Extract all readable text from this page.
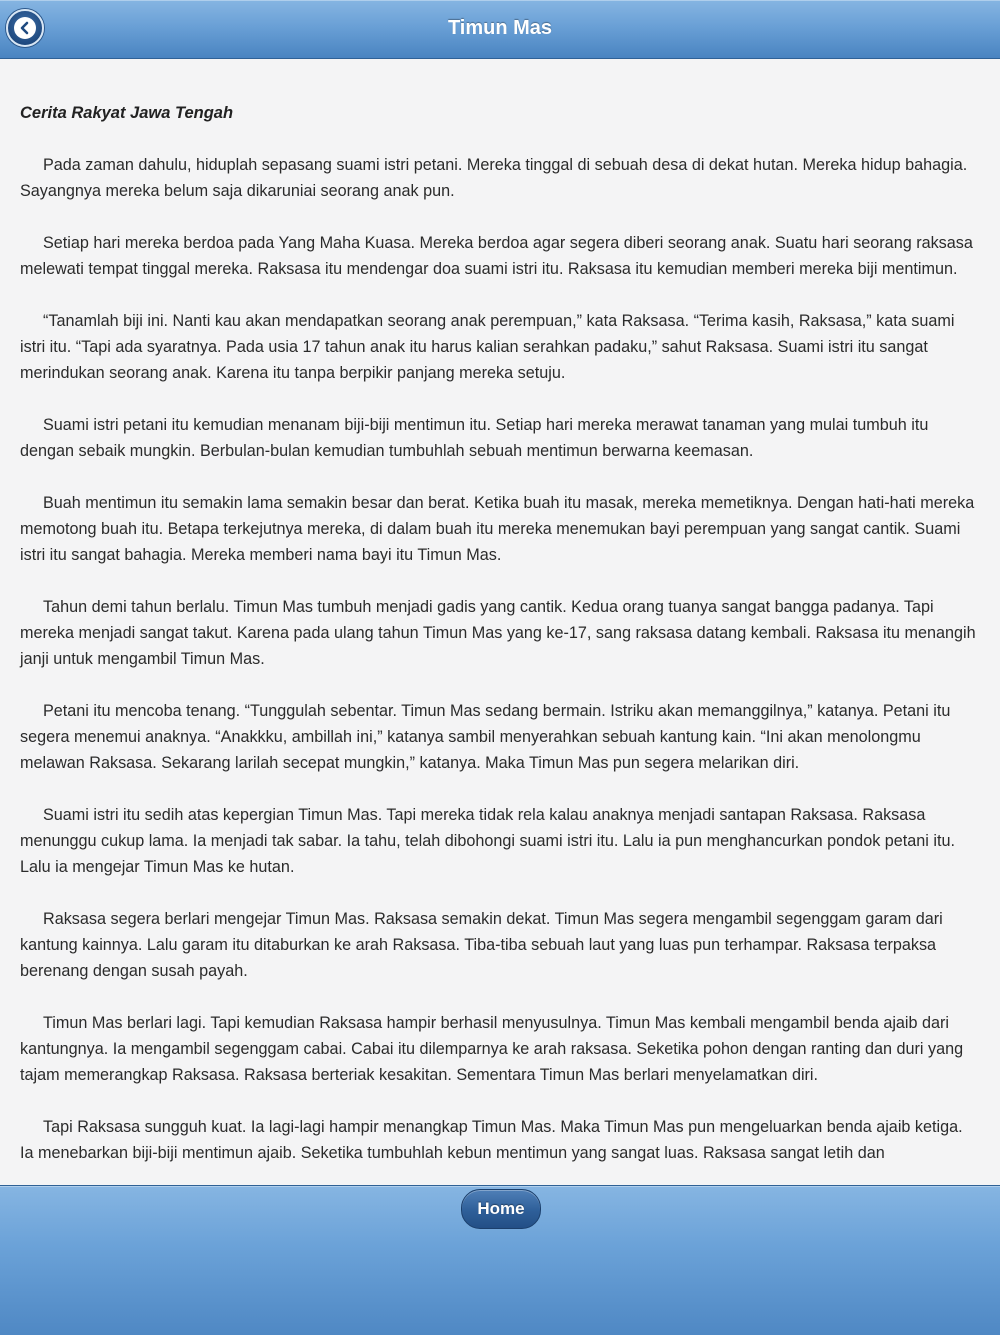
Timun Mas

Cerita Rakyat Jawa Tengah

Pada zaman dahulu, hiduplah sepasang suami istri petani. Mereka tinggal di sebuah desa di dekat hutan. Mereka hidup bahagia. Sayangnya mereka belum saja dikaruniai seorang anak pun.

Setiap hari mereka berdoa pada Yang Maha Kuasa. Mereka berdoa agar segera diberi seorang anak. Suatu hari seorang raksasa melewati tempat tinggal mereka. Raksasa itu mendengar doa suami istri itu. Raksasa itu kemudian memberi mereka biji mentimun.

“Tanamlah biji ini. Nanti kau akan mendapatkan seorang anak perempuan,” kata Raksasa. “Terima kasih, Raksasa,” kata suami istri itu. “Tapi ada syaratnya. Pada usia 17 tahun anak itu harus kalian serahkan padaku,” sahut Raksasa. Suami istri itu sangat merindukan seorang anak. Karena itu tanpa berpikir panjang mereka setuju.

Suami istri petani itu kemudian menanam biji-biji mentimun itu. Setiap hari mereka merawat tanaman yang mulai tumbuh itu dengan sebaik mungkin. Berbulan-bulan kemudian tumbuhlah sebuah mentimun berwarna keemasan.

Buah mentimun itu semakin lama semakin besar dan berat. Ketika buah itu masak, mereka memetiknya. Dengan hati-hati mereka memotong buah itu. Betapa terkejutnya mereka, di dalam buah itu mereka menemukan bayi perempuan yang sangat cantik. Suami istri itu sangat bahagia. Mereka memberi nama bayi itu Timun Mas.

Tahun demi tahun berlalu. Timun Mas tumbuh menjadi gadis yang cantik. Kedua orang tuanya sangat bangga padanya. Tapi mereka menjadi sangat takut. Karena pada ulang tahun Timun Mas yang ke-17, sang raksasa datang kembali. Raksasa itu menangih janji untuk mengambil Timun Mas.

Petani itu mencoba tenang. “Tunggulah sebentar. Timun Mas sedang bermain. Istriku akan memanggilnya,” katanya. Petani itu segera menemui anaknya. “Anakkku, ambillah ini,” katanya sambil menyerahkan sebuah kantung kain. “Ini akan menolongmu melawan Raksasa. Sekarang larilah secepat mungkin,” katanya. Maka Timun Mas pun segera melarikan diri.

Suami istri itu sedih atas kepergian Timun Mas. Tapi mereka tidak rela kalau anaknya menjadi santapan Raksasa. Raksasa menunggu cukup lama. Ia menjadi tak sabar. Ia tahu, telah dibohongi suami istri itu. Lalu ia pun menghancurkan pondok petani itu. Lalu ia mengejar Timun Mas ke hutan.

Raksasa segera berlari mengejar Timun Mas. Raksasa semakin dekat. Timun Mas segera mengambil segenggam garam dari kantung kainnya. Lalu garam itu ditaburkan ke arah Raksasa. Tiba-tiba sebuah laut yang luas pun terhampar. Raksasa terpaksa berenang dengan susah payah.

Timun Mas berlari lagi. Tapi kemudian Raksasa hampir berhasil menyusulnya. Timun Mas kembali mengambil benda ajaib dari kantungnya. Ia mengambil segenggam cabai. Cabai itu dilemparnya ke arah raksasa. Seketika pohon dengan ranting dan duri yang tajam memerangkap Raksasa. Raksasa berteriak kesakitan. Sementara Timun Mas berlari menyelamatkan diri.

Tapi Raksasa sungguh kuat. Ia lagi-lagi hampir menangkap Timun Mas. Maka Timun Mas pun mengeluarkan benda ajaib ketiga. Ia menebarkan biji-biji mentimun ajaib. Seketika tumbuhlah kebun mentimun yang sangat luas. Raksasa sangat letih dan

Home
